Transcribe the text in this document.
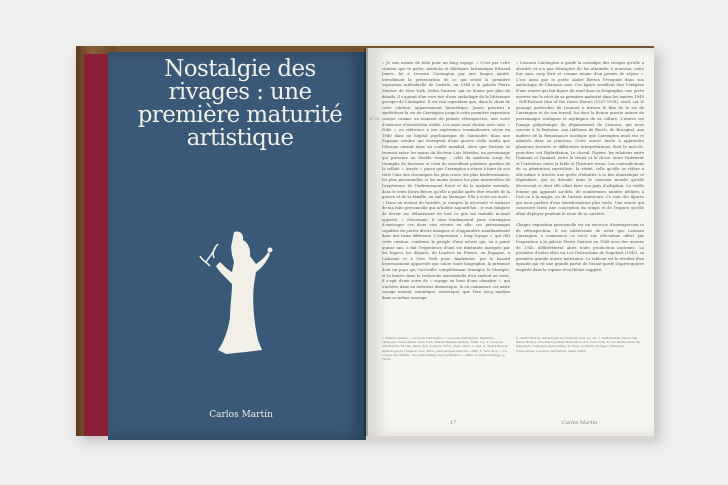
Nostalgie des rivages : une première maturité artistique
Carlos Martín
P. 22
« Je suis armée de folie pour un long voyage. » C'est par cette citation que le poète, médecin et dilettante britannique Edward James, lié à Leonora Carrington par une longue amitié, introduisait la présentation de ce qui serait la première exposition individuelle de l'artiste, en 1948 à la galerie Pierre Matisse de New York. Selon l'auteur, qui ne donne pas plus de détails, il s'agirait d'un vers tiré d'une anthologie de la littérature grecque de l'Antiquité. Il est vrai cependant que, dans le choix de cette citation, apparemment hermétique, James parvient à synthétiser la vie de Carrington jusqu'à cette première exposition conçue comme un moment de pensée rétrospective, une sorte d'exercice d'autofiction voilée. Les mots sont choisis avec soin. « Folie », en référence à son expérience traumatisante vécue en 1940 dans un hôpital psychiatrique de Santander, dans une Espagne sombre qui émergeait d'une guerre civile tandis que l'Europe entrait dans un conflit mondial, alors que l'artiste se trouvait entre les mains du docteur Luis Morales, un personnage qui présente un double visage : celui du médecin surgi du triomphe du fascisme et celui du surveillant pénitent, gardien de la cellule. « Armée », parce que Carrington a réussi à faire de son récit l'une des chroniques les plus crues, les plus bouleversantes, les plus personnelles et les moins tenues les plus universelles de l'expérience de l'enfermement forcé et de la maladie mentale, dans le texte Down Below, qu'elle a publié après être évadée de la guerre et de sa famille, en exil au Mexique. Elle y écrit ces mots : « Dans un instant de lucidité, je compris la nécessité et menace de ma folie personnelle qui m'habite aujourd'hui ; je suis fatiguée de devoir me débarrasser de tout ce que ma maladie m'avait apporté. » Désormais, il sera fondamental pour Carrington d'envisager ces deux vies vécues en elle, ces personnages capables de porter divers masques et d'apparaître simultanément dans des lieux différents. L'expression « long voyage », qui clôt cette citation, condense le périple d'une artiste qui, en à peine quinze ans, a fait l'expérience d'une vie itinérante marquée par les fugues, les départs, de Londres en France, en Espagne, à Lisbonne et à New York pour, finalement, par le hasard heureusement apparenté qui colore toute biographie, la présence dont un pays qui l'accueille complètement étranger, le Mexique, et la lancée dans la recherche existentielle d'un endroit où vivre, il s'agit d'une sorte de « voyage au bout d'une chambre », qui s'achève dans un intérieur domestique, là où commence cet autre voyage mental, initiatique, ésotérique, que Tere Arcq analyse dans ce même ouvrage.
« Leonora Carrington a gardé la nostalgie des rivages qu'elle a abordés et n'a pas désespéré de les atteindre à nouveau, cette fois sans coup férir et comme munie d'un permis de séjour ». C'est ainsi que le poète André Breton l'évoquait dans son Anthologie de l'humour noir. Ces lignes semblent être l'exégèse d'une œuvre qui fait figure de seuil dans sa biographie, une porte ouverte sur le récit de sa première maturité dans les années 1940 : Self-Portrait (Inn of the Dawn Horse) (1937-1938), seuil, car le passage particulier de Leonora à travers le film de la vie de Carrington et de son travail, lui dont la fiction gravite autour de personnages iconiques et mythiques de sa culture. L'œuvre est l'image polysémique du dépassement de Leonora, qui nous renvoie à la fantaisie, aux tableaux de Bosch, de Brueghel, aux maîtres de la Renaissance nordique que Carrington avait vus et admirés dans sa jeunesse. Cette œuvre invite à apprendre plusieurs lectures et différentes interprétations, dont le mot-clé, peut-être, est l'hybridation. Le cheval, l'hyène, les relations entre l'humain et l'animal, entre le vivant et la chose, entre l'intérieur et l'extérieur, entre la fable et l'histoire vécue. Les contradictions de sa génération surréaliste, la vérité, celle qu'elle se réfère à elle-même à travers une quête d'identité à la fois domestique et légendaire, qui se déroule dans le nouveau monde qu'elle découvrait et dont elle allait faire son pays d'adoption. La vieille femme qui apparaît au-delà, de nombreuses années dédiées à l'art ou à la magie, ou de l'artiste intérieure. Ce sont des figures qui nous parlent d'une transformation plus vaste. Une œuvre qui concentre toute une conception du temps et de l'espace qu'elle allait déployer pendant le reste de sa carrière.

Chaque exposition personnelle est un exercice d'introspection et de rétrospection. Il est intéressant de noter que Leonora Carrington a commencé ce récit sur elle-même offert par l'exposition à la galerie Pierre Matisse en 1948 avec des œuvres de 1945, délibérément alors toute production ancienne. La première d'entre elles est Les Distractions de Dagobert (1945), sa première grande œuvre mexicaine. Ce tableau est le résultat d'un épisode qui vit une grande partie de l'avant-garde d'après-guerre inspirée dans la reprise d'un thème suggéré.
1. Edward James, « Leonora Carrington », Leonora Carrington: Paintings, catalogue d'exposition, New York, Pierre Matisse Gallery, 1948, n.p. 2. Leonora Carrington, En bas, Paris, Eric Losfeld, 1973 ; rééd. 2013. 3. Ibid. 4. André Breton, Anthologie de l'humour noir, Paris, Jean-Jacques Pauvert, 1966. 5. Tere Arcq, « Le voyage de l'initiée : les philosophies de l'ésotérisme », dans ce même ouvrage, p. 70-81.
6. André Breton, Anthologie de l'humour noir, op. cit. 7. Self-Portrait (Inn of the Dawn Horse), The Metropolitan Museum of Art, New York. 8. Les Distractions de Dagobert, collection particulière. 9. Dans ce même ouvrage. Catalogue d'exposition, Leonora Carrington, Paris, 2023.
17	Carlos Martín
